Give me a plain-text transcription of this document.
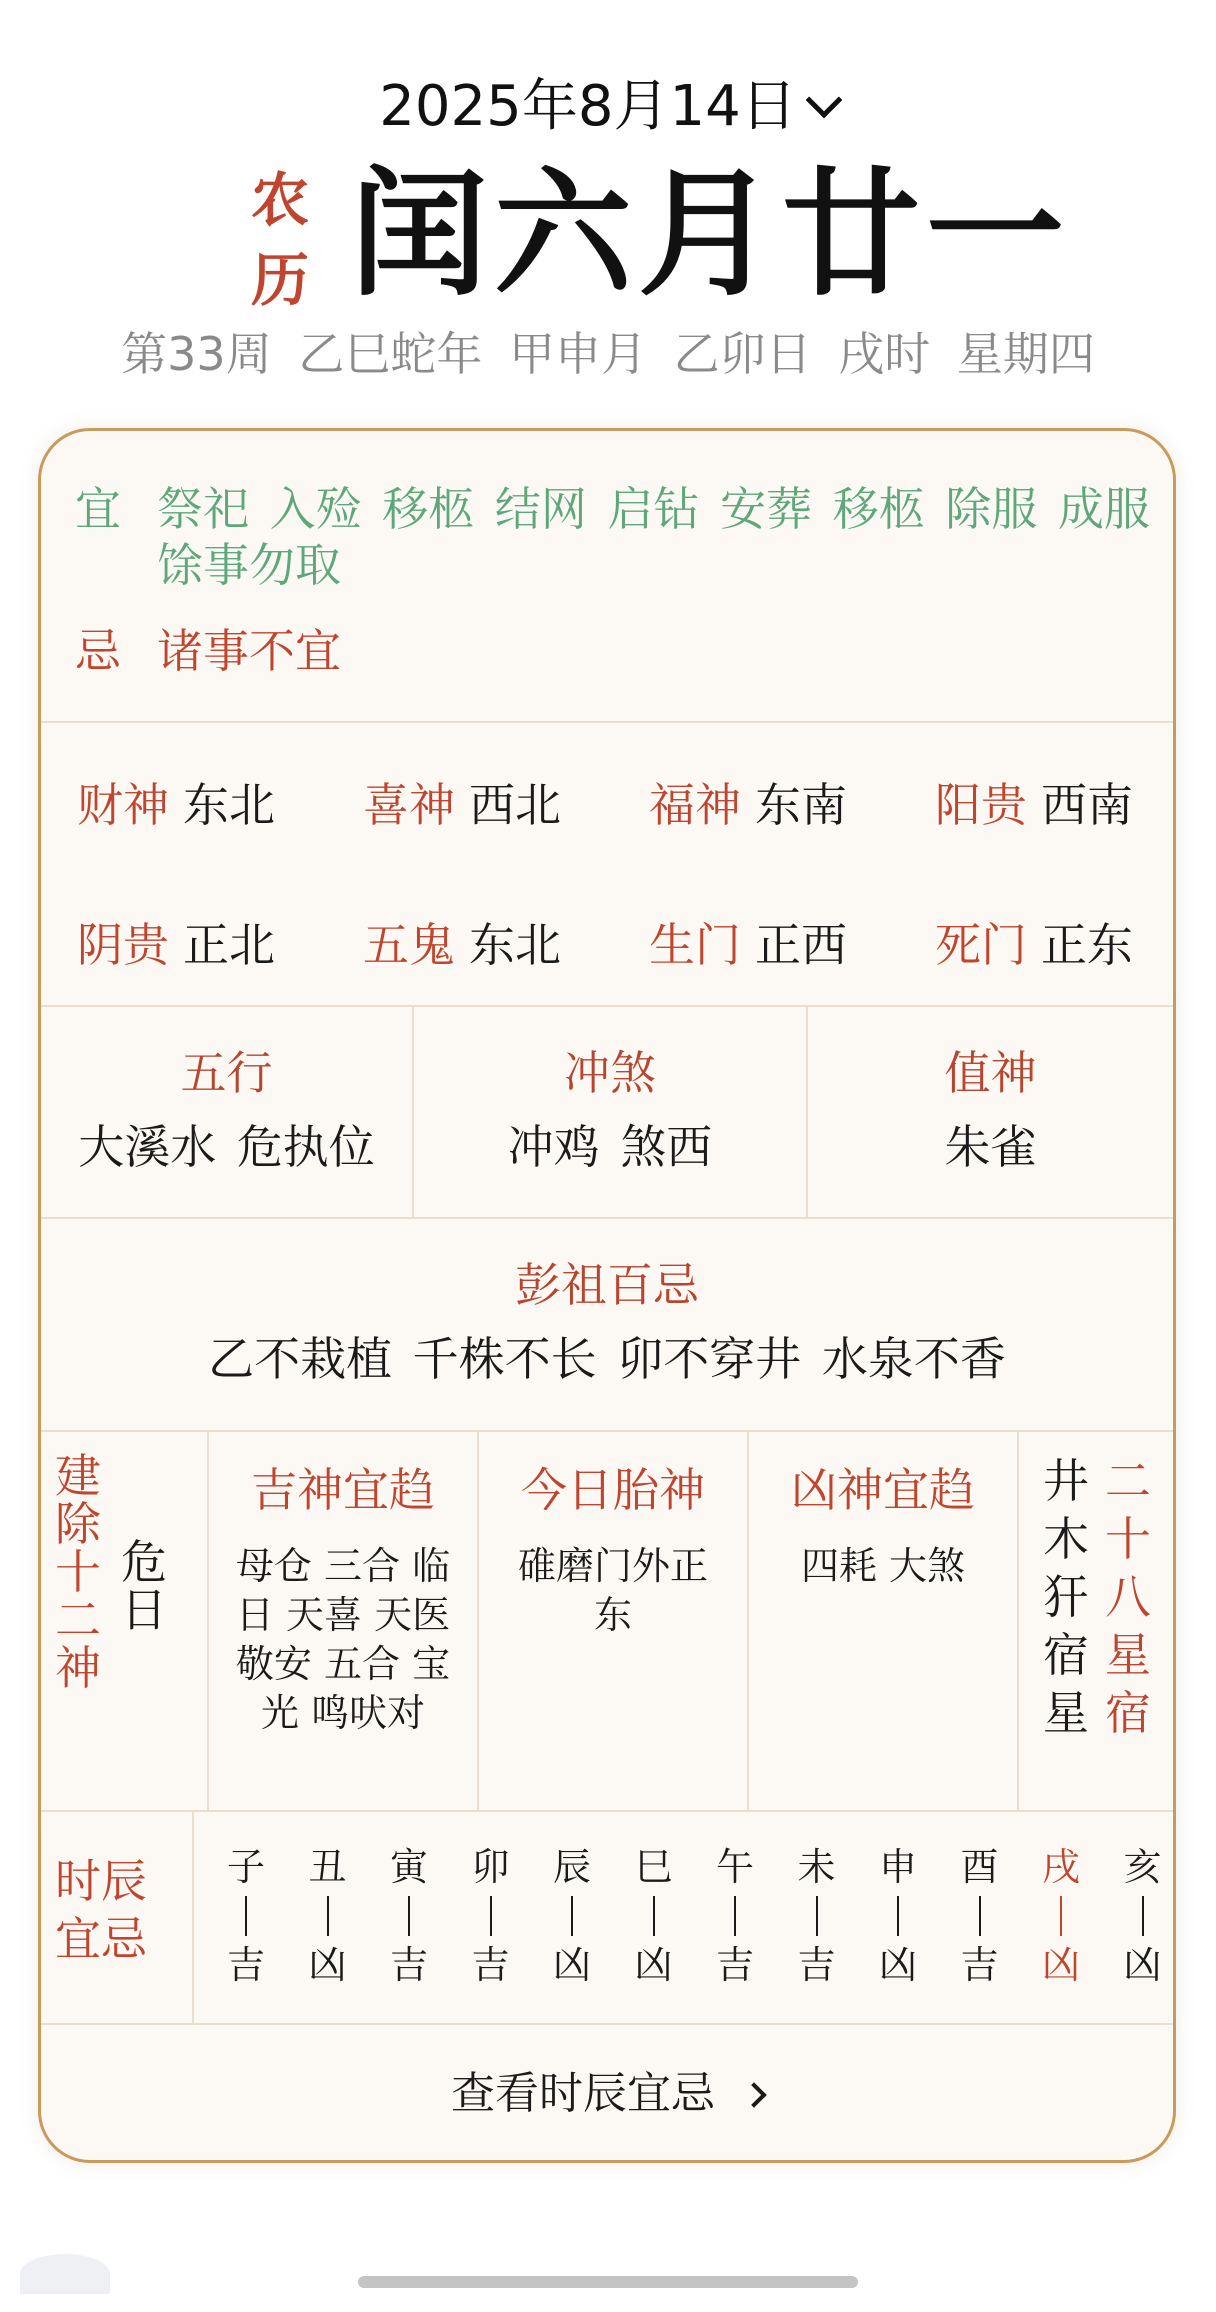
2025年8月14日
农
历 闰六月廿一
第33周 乙巳蛇年 甲申月 乙卯日 戌时 星期四
宜 祭祀 入殓 移柩 结网 启钻 安葬 移柩 除服 成服 馀事勿取
忌 诸事不宜
财神 东北 喜神 西北 福神 东南 阳贵 西南
阴贵 正北 五鬼 东北 生门 正西 死门 正东
五行
大溪水 危执位
冲煞
冲鸡 煞西
值神
朱雀
彭祖百忌
乙不栽植 千株不长 卯不穿井 水泉不香
建除十二神
危日
吉神宜趋
母仓 三合 临日 天喜 天医 敬安 五合 宝光 鸣吠对
今日胎神
碓磨门外正东
凶神宜趋
四耗 大煞
井木犴宿星
二十八星宿
时辰宜忌
子
吉
丑
凶
寅
吉
卯
吉
辰
凶
巳
凶
午
吉
未
吉
申
凶
酉
吉
戌
凶
亥
凶
查看时辰宜忌
